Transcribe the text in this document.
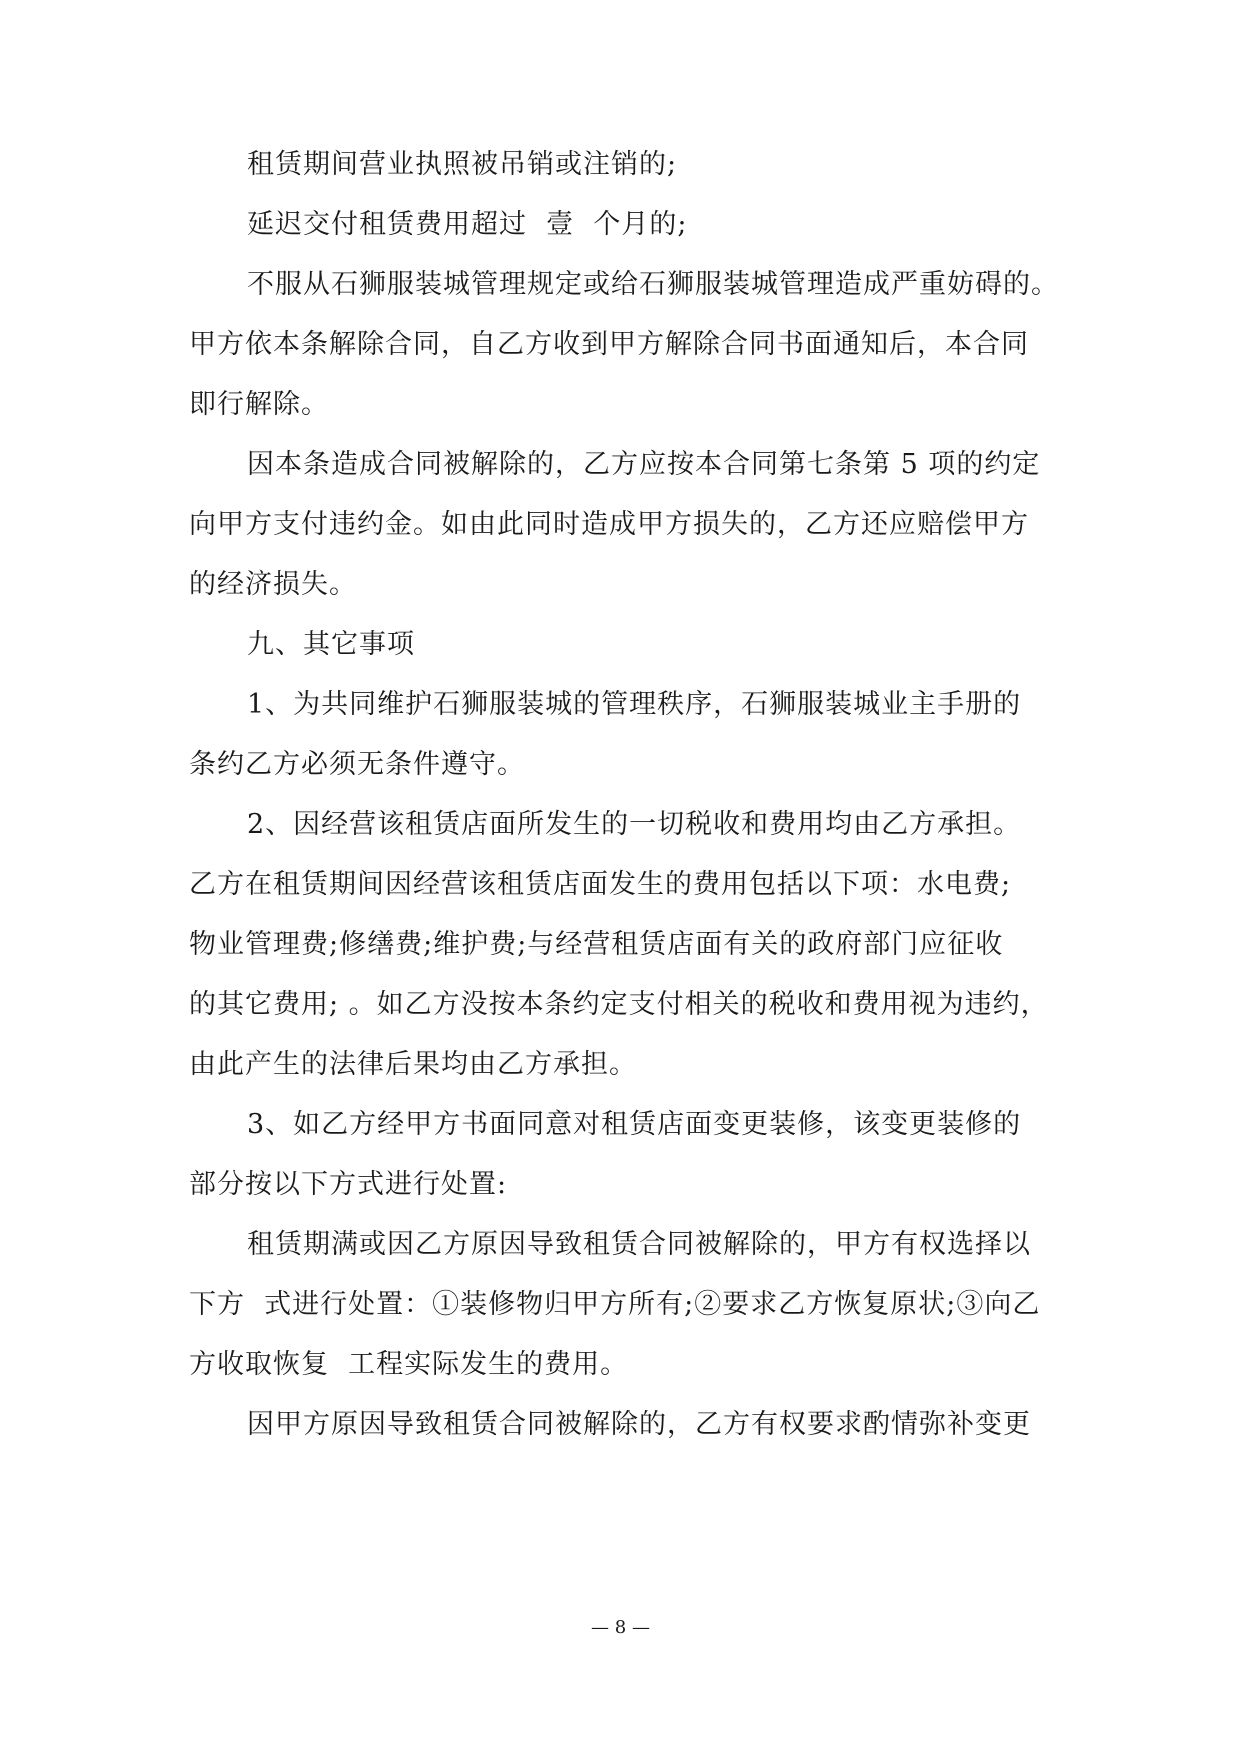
租赁期间营业执照被吊销或注销的;
延迟交付租赁费用超过  壹  个月的;
不服从石狮服装城管理规定或给石狮服装城管理造成严重妨碍的。
甲方依本条解除合同，自乙方收到甲方解除合同书面通知后，本合同
即行解除。
因本条造成合同被解除的，乙方应按本合同第七条第 5 项的约定
向甲方支付违约金。如由此同时造成甲方损失的，乙方还应赔偿甲方
的经济损失。
九、其它事项
1、为共同维护石狮服装城的管理秩序，石狮服装城业主手册的
条约乙方必须无条件遵守。
2、因经营该租赁店面所发生的一切税收和费用均由乙方承担。
乙方在租赁期间因经营该租赁店面发生的费用包括以下项：水电费;
物业管理费;修缮费;维护费;与经营租赁店面有关的政府部门应征收
的其它费用; 。如乙方没按本条约定支付相关的税收和费用视为违约，
由此产生的法律后果均由乙方承担。
3、如乙方经甲方书面同意对租赁店面变更装修，该变更装修的
部分按以下方式进行处置:
租赁期满或因乙方原因导致租赁合同被解除的，甲方有权选择以
下方  式进行处置：①装修物归甲方所有;②要求乙方恢复原状;③向乙
方收取恢复  工程实际发生的费用。
因甲方原因导致租赁合同被解除的，乙方有权要求酌情弥补变更
— 8 —
